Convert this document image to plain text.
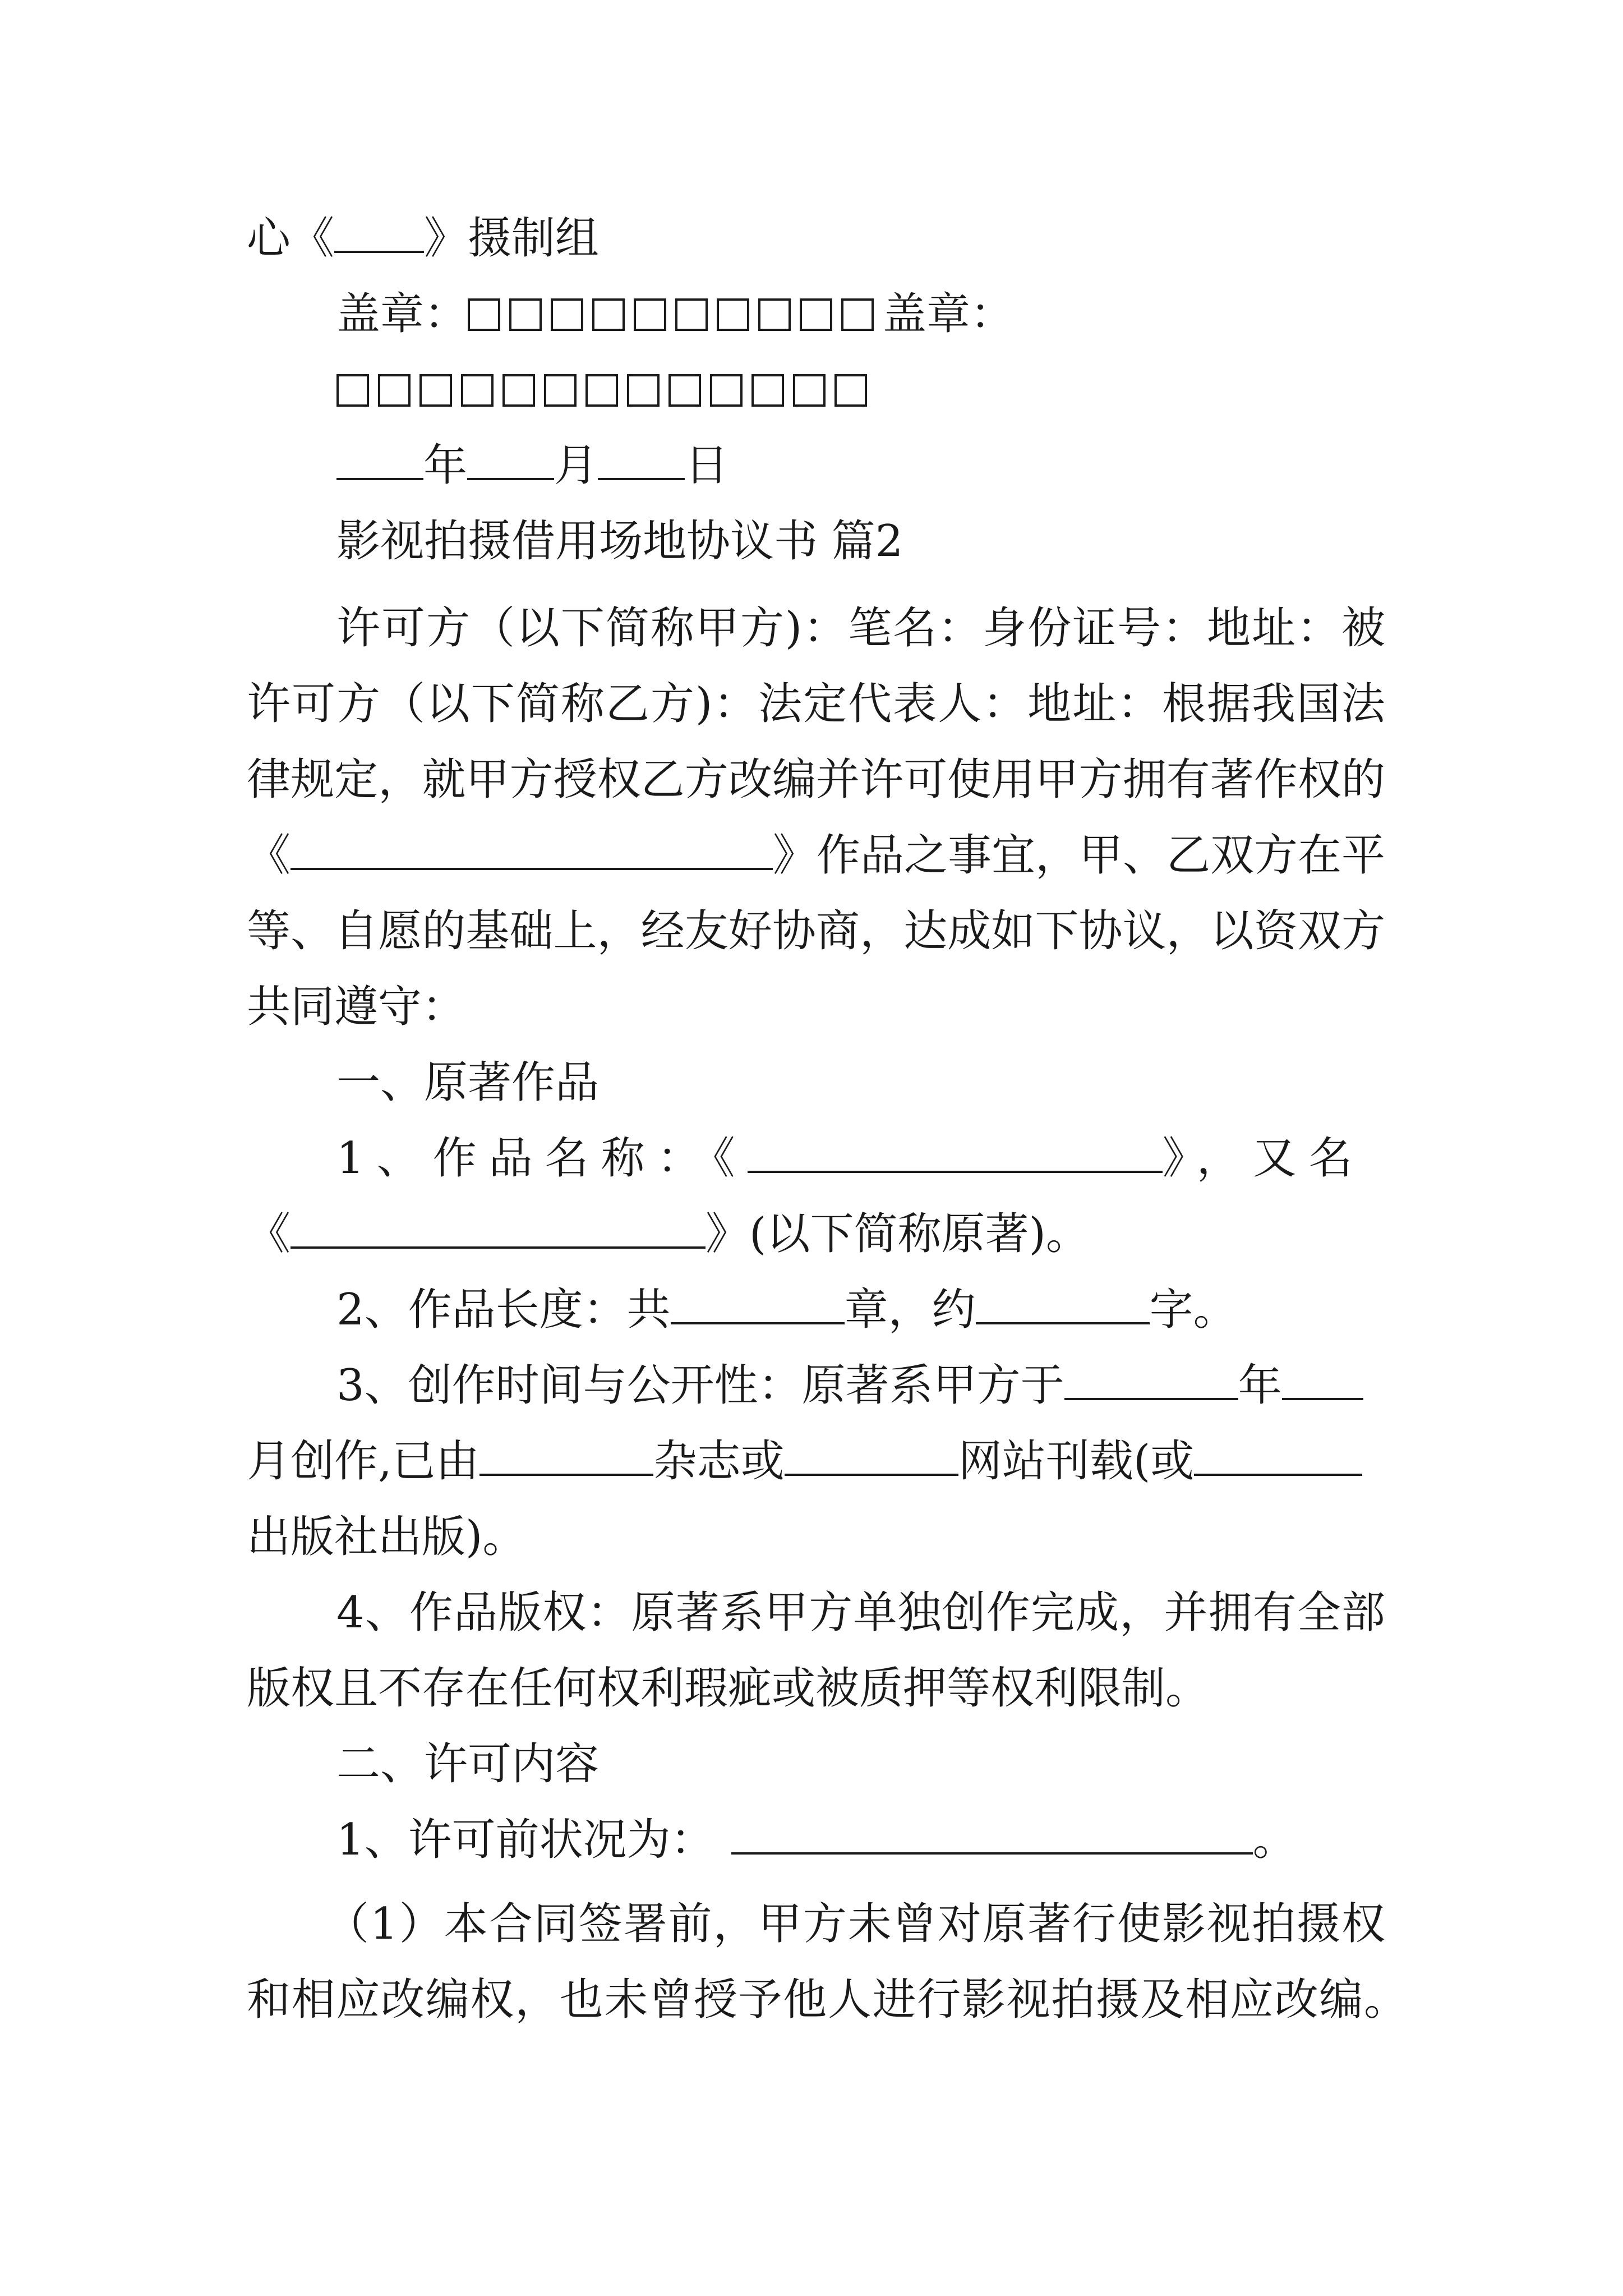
心《 》摄制组
盖章：	盖章：
年 月 日
影视拍摄借用场地协议书 篇2
许可方（以下简称甲方)：笔名：身份证号：地址：被
许可方（以下简称乙方)：法定代表人：地址：根据我国法
律规定，就甲方授权乙方改编并许可使用甲方拥有著作权的
《	》作品之事宜，甲、乙双方在平
等、自愿的基础上，经友好协商，达成如下协议，以资双方
共同遵守：
一、原著作品
1、作品名称：《	》，又名
《	》(以下简称原著)。
2、作品长度：共	章，约	字。
3、创作时间与公开性：原著系甲方于	年
月创作,已由	杂志或	网站刊载(或
出版社出版)。
4、作品版权：原著系甲方单独创作完成，并拥有全部
版权且不存在任何权利瑕疵或被质押等权利限制。
二、许可内容
1、许可前状况为：	。
（1）本合同签署前，甲方未曾对原著行使影视拍摄权
和相应改编权，也未曾授予他人进行影视拍摄及相应改编。
